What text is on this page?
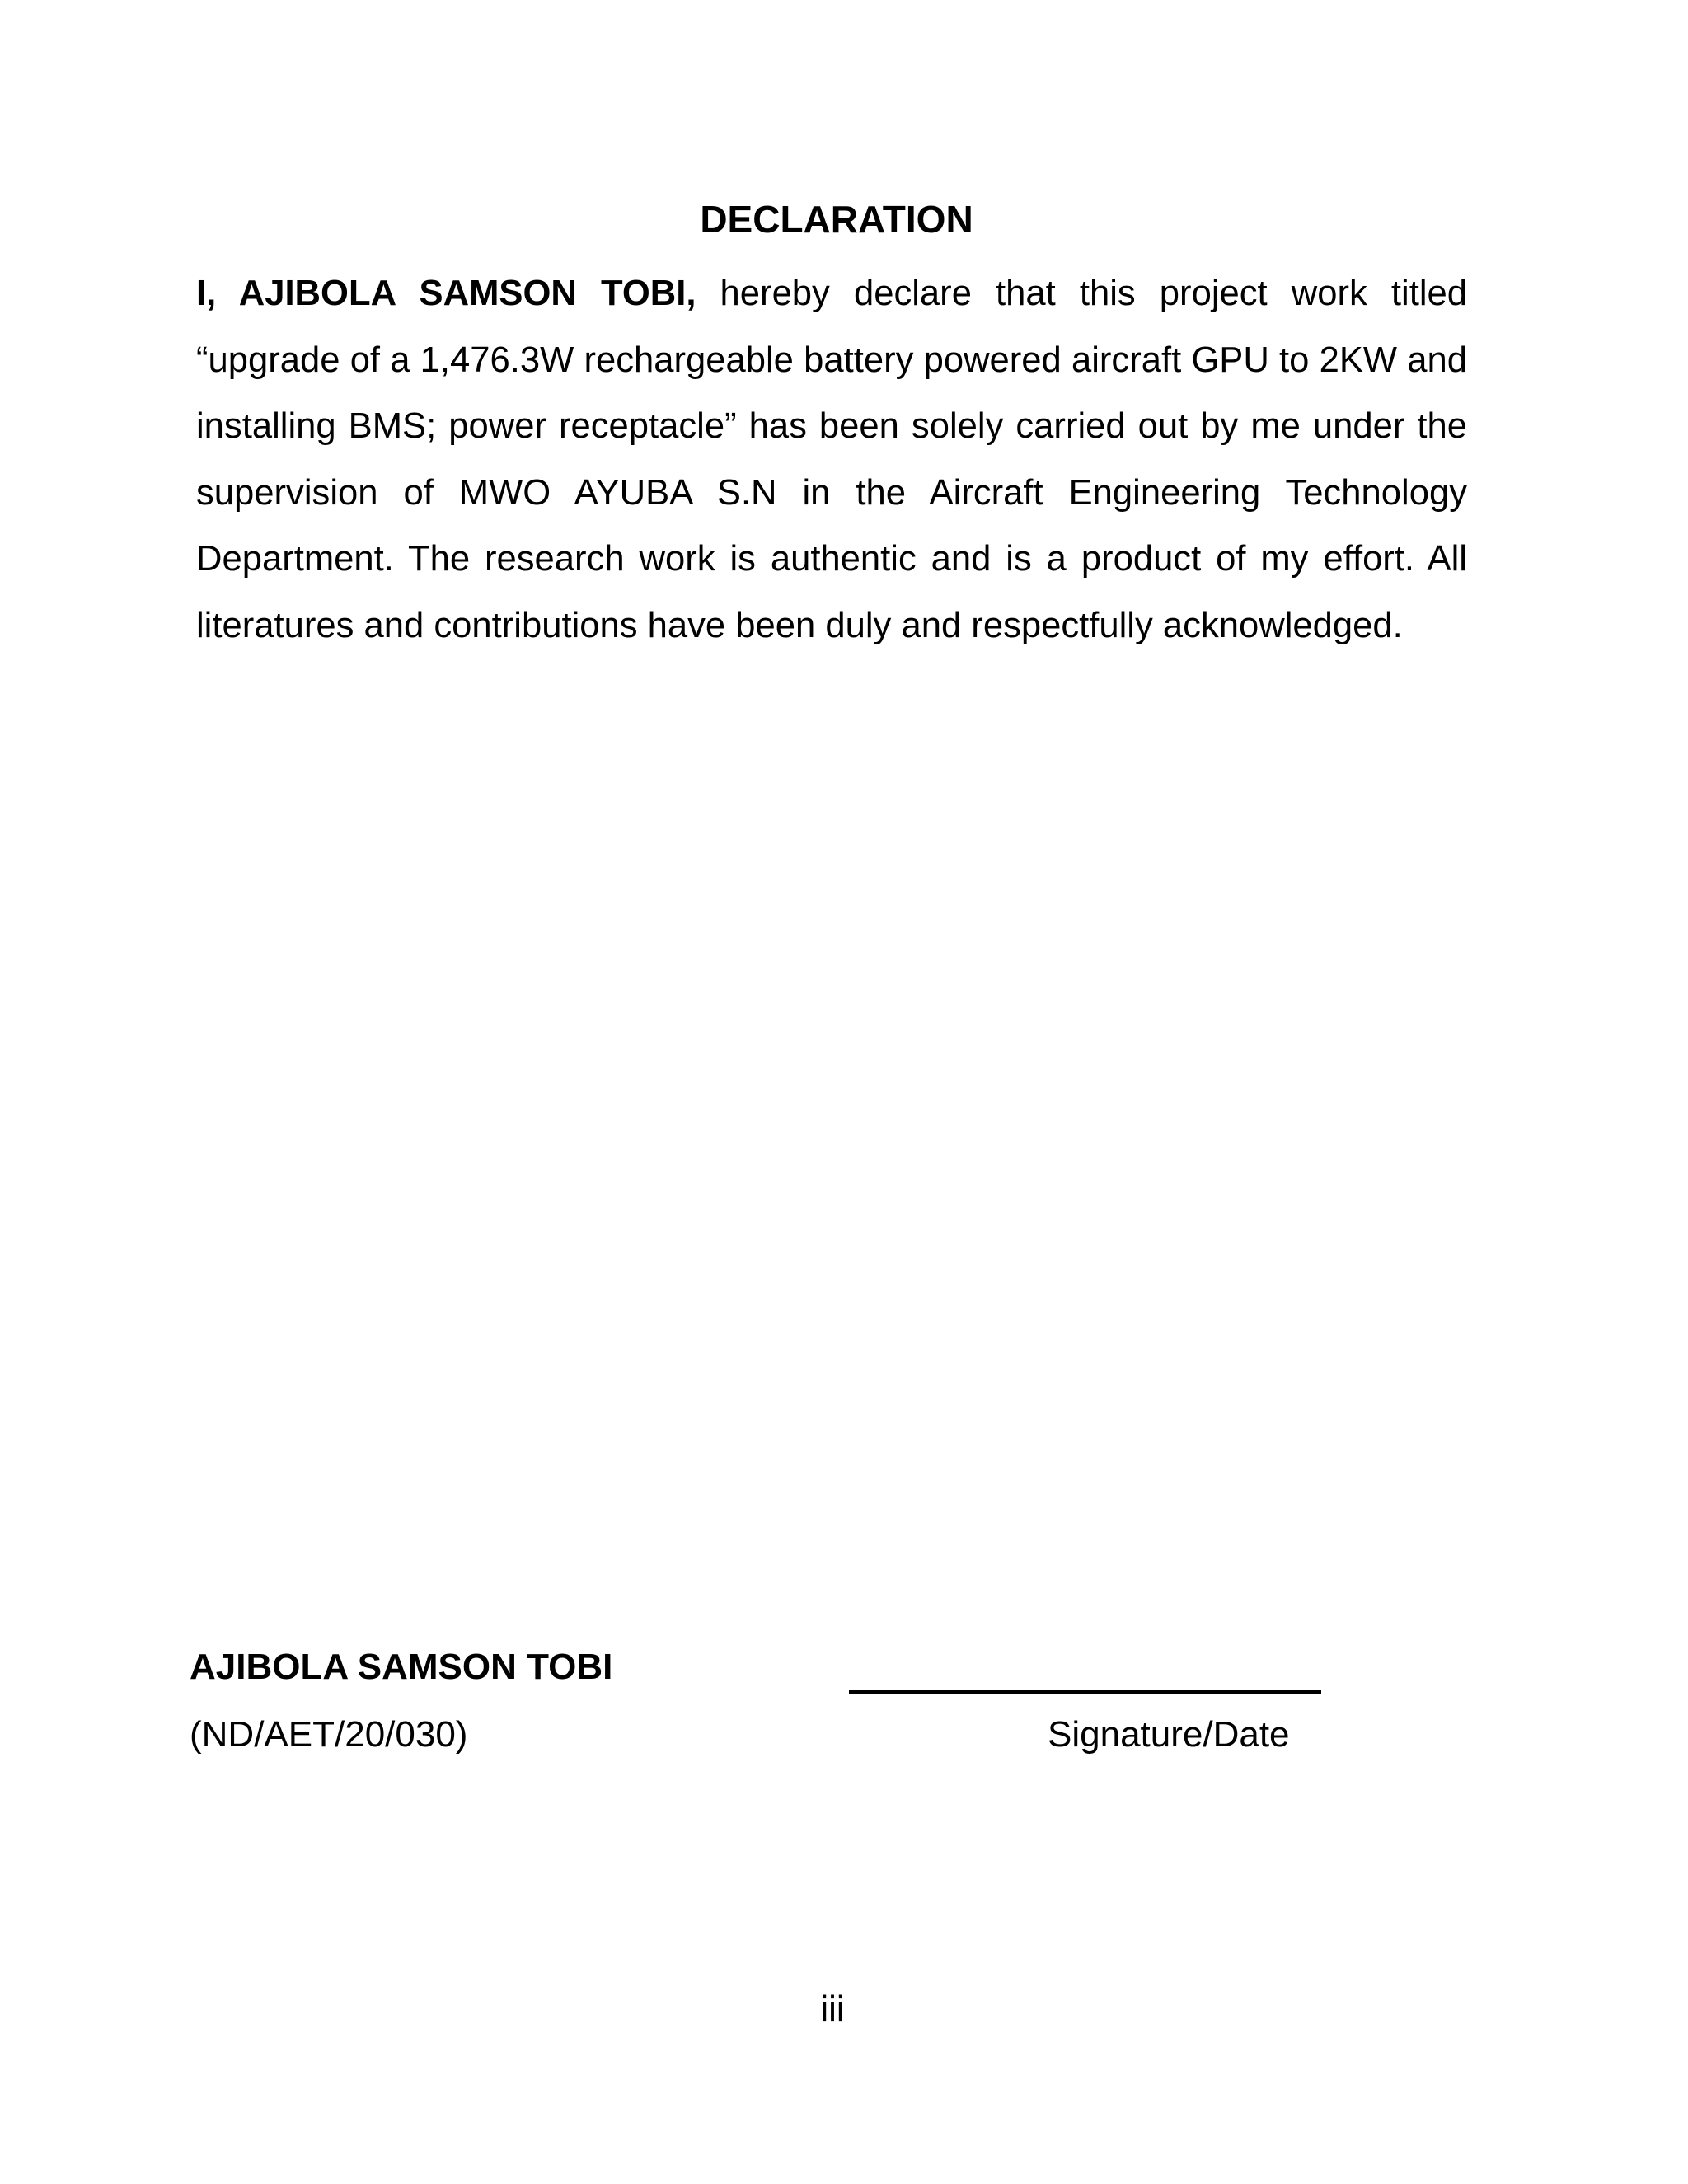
DECLARATION

I, AJIBOLA SAMSON TOBI, hereby declare that this project work titled “upgrade of a 1,476.3W rechargeable battery powered aircraft GPU to 2KW and installing BMS; power receptacle” has been solely carried out by me under the supervision of MWO AYUBA S.N in the Aircraft Engineering Technology Department. The research work is authentic and is a product of my effort. All literatures and contributions have been duly and respectfully acknowledged.

AJIBOLA SAMSON TOBI
(ND/AET/20/030)	Signature/Date
iii
